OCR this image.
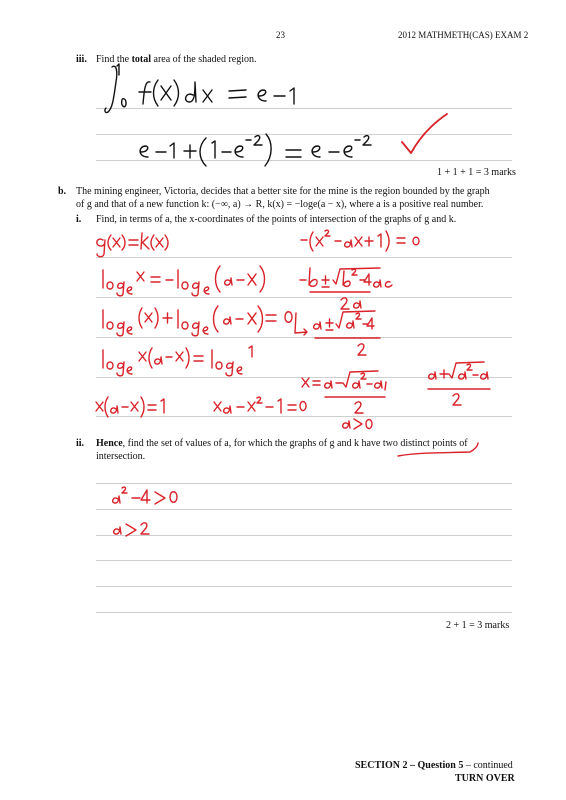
23	2012 MATHMETH(CAS) EXAM 2
iii. Find the total area of the shaded region.
1 + 1 + 1 = 3 marks
b. The mining engineer, Victoria, decides that a better site for the mine is the region bounded by the graph
of g and that of a new function k: (−∞, a) → R, k(x) = −loge(a − x), where a is a positive real number.
i. Find, in terms of a, the x-coordinates of the points of intersection of the graphs of g and k.
ii. Hence, find the set of values of a, for which the graphs of g and k have two distinct points of
intersection.
2 + 1 = 3 marks
SECTION 2 – Question 5 – continued
TURN OVER
